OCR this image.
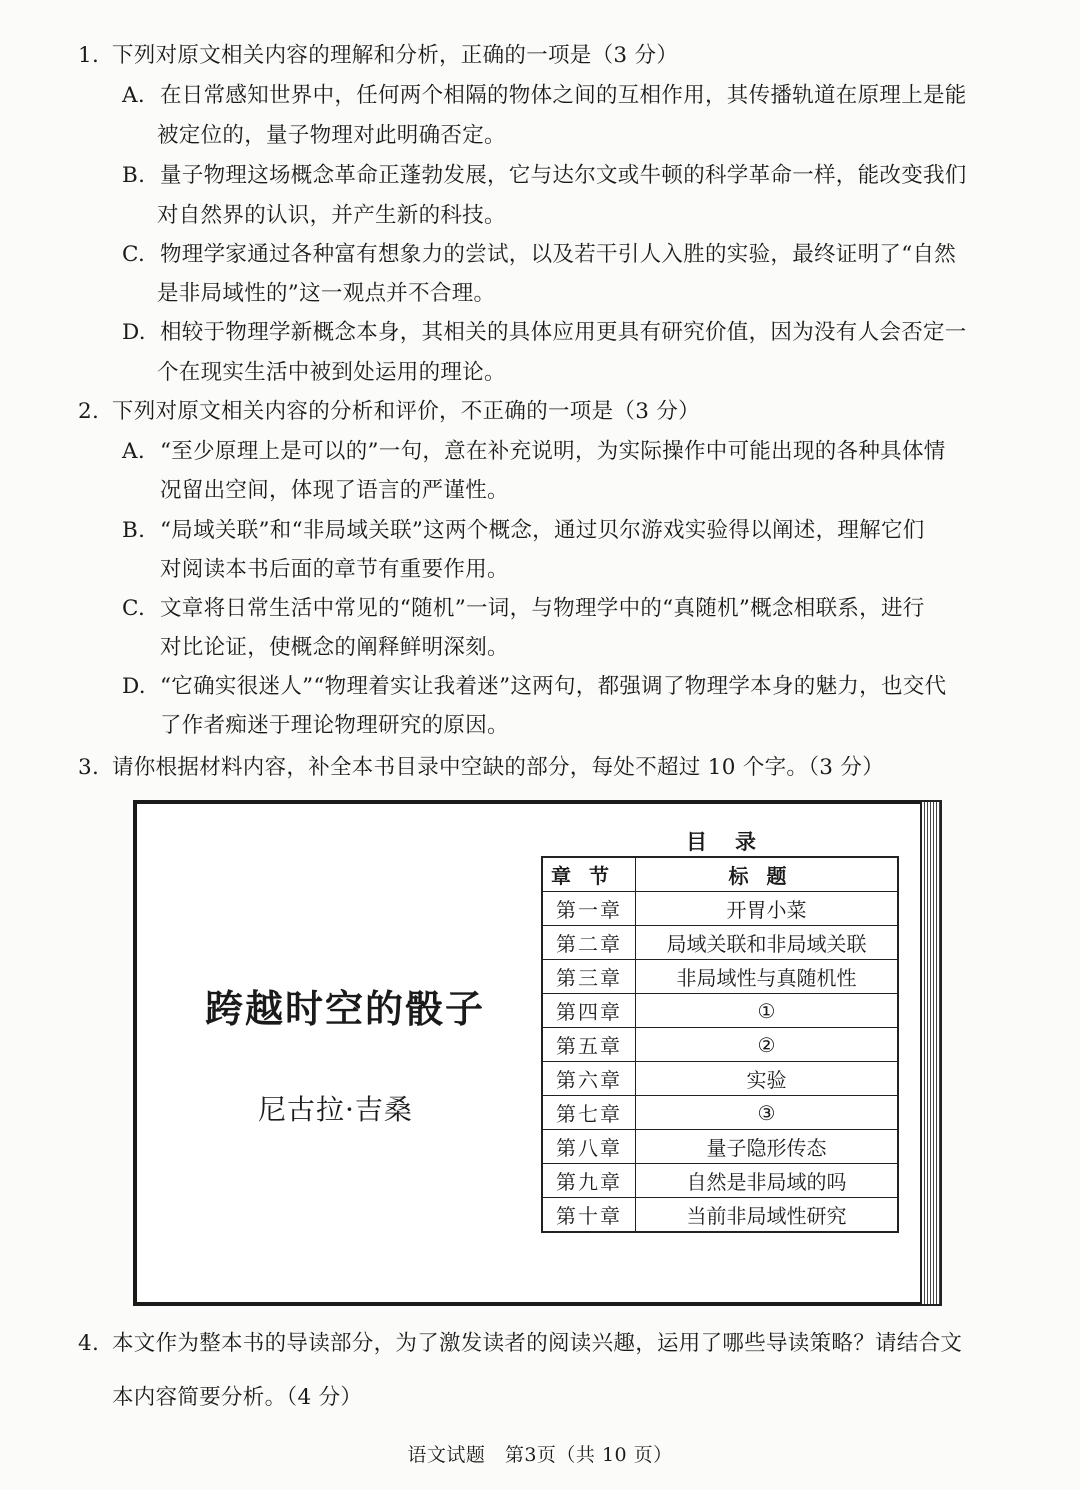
1. 下列对原文相关内容的理解和分析，正确的一项是（3 分）
A. 在日常感知世界中，任何两个相隔的物体之间的互相作用，其传播轨道在原理上是能
被定位的，量子物理对此明确否定。
B. 量子物理这场概念革命正蓬勃发展，它与达尔文或牛顿的科学革命一样，能改变我们
对自然界的认识，并产生新的科技。
C. 物理学家通过各种富有想象力的尝试，以及若干引人入胜的实验，最终证明了“自然
是非局域性的”这一观点并不合理。
D. 相较于物理学新概念本身，其相关的具体应用更具有研究价值，因为没有人会否定一
个在现实生活中被到处运用的理论。
2. 下列对原文相关内容的分析和评价，不正确的一项是（3 分）
A. “至少原理上是可以的”一句，意在补充说明，为实际操作中可能出现的各种具体情
况留出空间，体现了语言的严谨性。
B. “局域关联”和“非局域关联”这两个概念，通过贝尔游戏实验得以阐述，理解它们
对阅读本书后面的章节有重要作用。
C. 文章将日常生活中常见的“随机”一词，与物理学中的“真随机”概念相联系，进行
对比论证，使概念的阐释鲜明深刻。
D. “它确实很迷人”“物理着实让我着迷”这两句，都强调了物理学本身的魅力，也交代
了作者痴迷于理论物理研究的原因。
3. 请你根据材料内容，补全本书目录中空缺的部分，每处不超过 10 个字。（3 分）
跨越时空的骰子
尼古拉·吉桑
目录
章节	标题
第一章	开胃小菜
第二章	局域关联和非局域关联
第三章	非局域性与真随机性
第四章	①
第五章	②
第六章	实验
第七章	③
第八章	量子隐形传态
第九章	自然是非局域的吗
第十章	当前非局域性研究
4. 本文作为整本书的导读部分，为了激发读者的阅读兴趣，运用了哪些导读策略？请结合文
本内容简要分析。（4 分）
语文试题　第3页（共 10 页）
